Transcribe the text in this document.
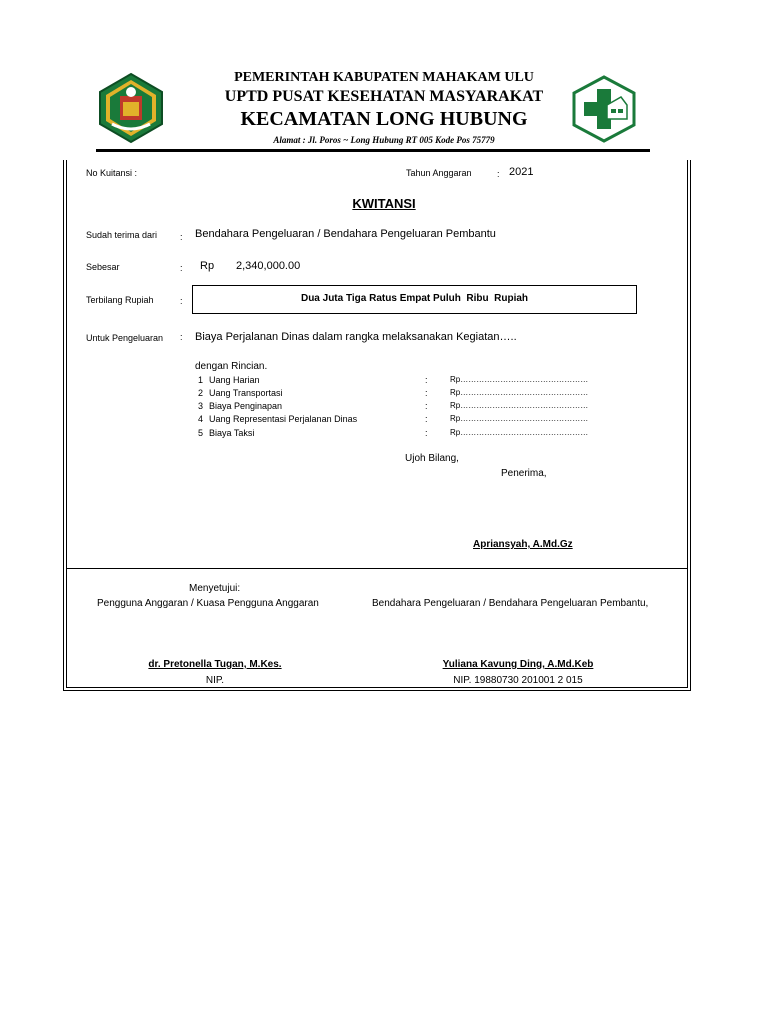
PEMERINTAH KABUPATEN MAHAKAM ULU
UPTD PUSAT KESEHATAN MASYARAKAT
KECAMATAN LONG HUBUNG
Alamat : Jl. Poros ~ Long Hubung RT 005 Kode Pos 75779
No Kuitansi :	Tahun Anggaran	: 2021
KWITANSI
Sudah terima dari	: Bendahara Pengeluaran / Bendahara Pengeluaran Pembantu
Sebesar	: Rp 2,340,000.00
Terbilang Rupiah	:	Dua Juta Tiga Ratus Empat Puluh  Ribu  Rupiah
Untuk Pengeluaran : Biaya Perjalanan Dinas dalam rangka melaksanakan Kegiatan…..
dengan Rincian.
1 Uang Harian	:	Rp…………………………………………
2 Uang Transportasi	:	Rp…………………………………………
3 Biaya Penginapan	:	Rp…………………………………………
4 Uang Representasi Perjalanan Dinas	:	Rp…………………………………………
5 Biaya Taksi	:	Rp…………………………………………
Ujoh Bilang,
Penerima,
Apriansyah, A.Md.Gz
Menyetujui:
Pengguna Anggaran / Kuasa Pengguna Anggaran	Bendahara Pengeluaran / Bendahara Pengeluaran Pembantu,
dr. Pretonella Tugan, M.Kes.
NIP.
Yuliana Kavung Ding, A.Md.Keb
NIP. 19880730 201001 2 015
